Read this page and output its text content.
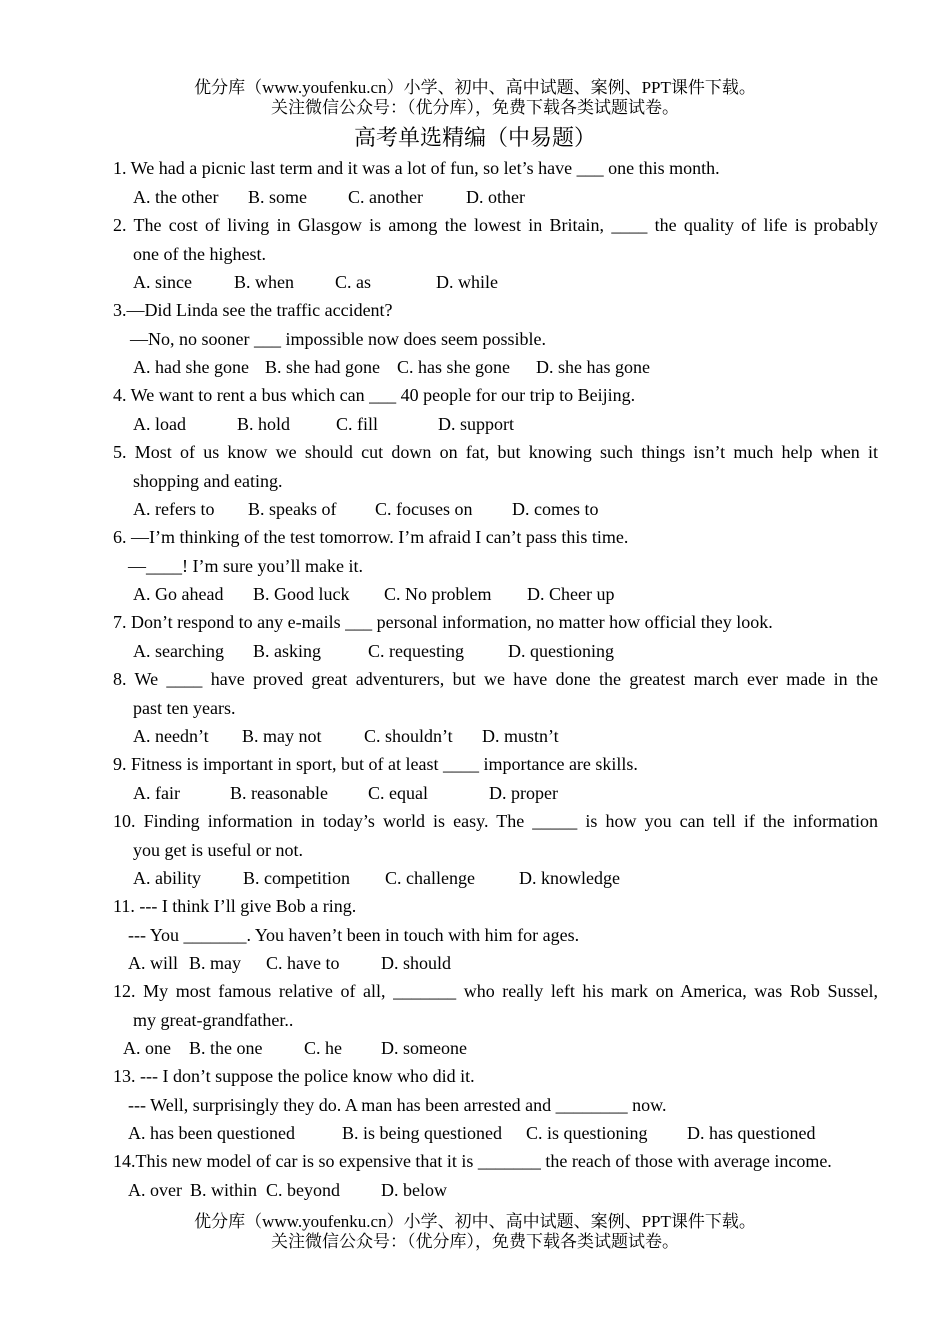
优分库（www.youfenku.cn）小学、初中、高中试题、案例、PPT课件下载。
关注微信公众号：（优分库），免费下载各类试题试卷。
高考单选精编（中易题）
1. We had a picnic last term and it was a lot of fun, so let’s have ___ one this month.
A. the other B. some C. another D. other
2. The cost of living in Glasgow is among the lowest in Britain, ____ the quality of life is probably
one of the highest.
A. since B. when C. as	D. while
3.—Did Linda see the traffic accident?
—No, no sooner ___ impossible now does seem possible.
A. had she gone B. she had gone C. has she gone D. she has gone
4. We want to rent a bus which can ___ 40 people for our trip to Beijing.
A. load	B. hold	C. fill	D. support
5. Most of us know we should cut down on fat, but knowing such things isn’t much help when it
shopping and eating.
A. refers to B. speaks of C. focuses on D. comes to
6. —I’m thinking of the test tomorrow. I’m afraid I can’t pass this time.
—____! I’m sure you’ll make it.
A. Go ahead B. Good luck C. No problem D. Cheer up
7. Don’t respond to any e-mails ___ personal information, no matter how official they look.
A. searching B. asking	C. requesting D. questioning
8. We ____ have proved great adventurers, but we have done the greatest march ever made in the
past ten years.
A. needn’t B. may not C. shouldn’t D. mustn’t
9. Fitness is important in sport, but of at least ____ importance are skills.
A. fair	B. reasonable C. equal	D. proper
10. Finding information in today’s world is easy. The _____ is how you can tell if the information
you get is useful or not.
A. ability B. competition C. challenge D. knowledge
11. --- I think I’ll give Bob a ring.
--- You _______. You haven’t been in touch with him for ages.
A. will B. may C. have to D. should
12. My most famous relative of all, _______ who really left his mark on America, was Rob Sussel,
my great-grandfather..
A. one B. the one C. he D. someone
13. --- I don’t suppose the police know who did it.
--- Well, surprisingly they do. A man has been arrested and ________ now.
A. has been questioned	B. is being questioned C. is questioning D. has questioned
14.This new model of car is so expensive that it is _______ the reach of those with average income.
A. over B. within C. beyond D. below
优分库（www.youfenku.cn）小学、初中、高中试题、案例、PPT课件下载。
关注微信公众号：（优分库），免费下载各类试题试卷。
